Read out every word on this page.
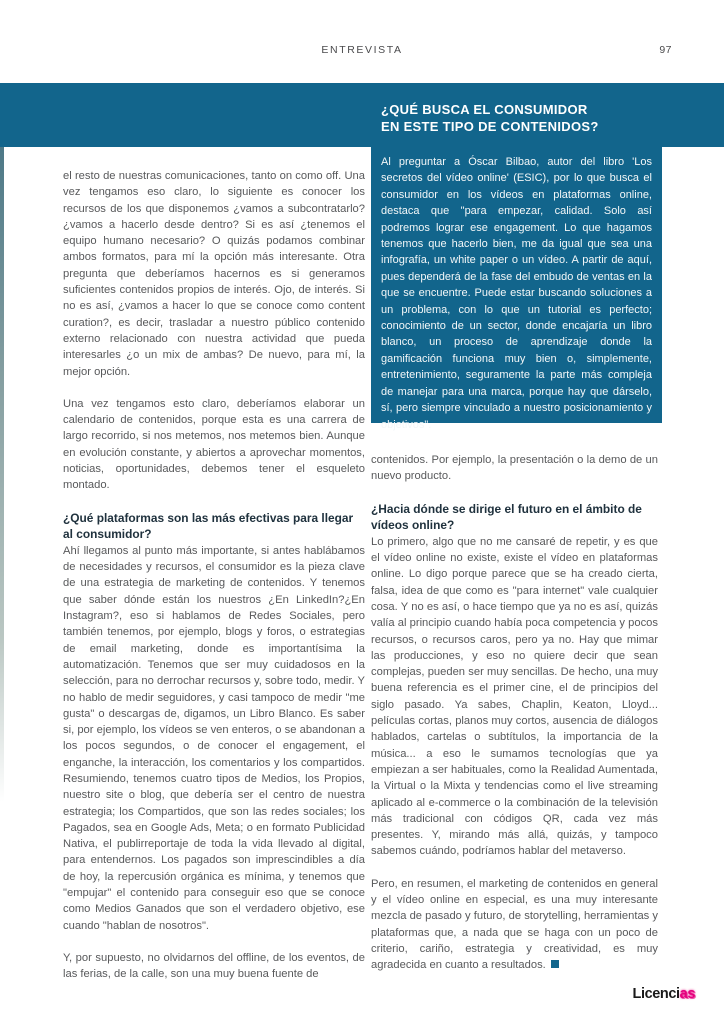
ENTREVISTA	97
¿QUÉ BUSCA EL CONSUMIDOR
EN ESTE TIPO DE CONTENIDOS?
Al preguntar a Óscar Bilbao, autor del libro 'Los secretos del vídeo online' (ESIC), por lo que busca el consumidor en los vídeos en plataformas online, destaca que "para empezar, calidad. Solo así podremos lograr ese engagement. Lo que hagamos tenemos que hacerlo bien, me da igual que sea una infografía, un white paper o un vídeo. A partir de aquí, pues dependerá de la fase del embudo de ventas en la que se encuentre. Puede estar buscando soluciones a un problema, con lo que un tutorial es perfecto; conocimiento de un sector, donde encajaría un libro blanco, un proceso de aprendizaje donde la gamificación funciona muy bien o, simplemente, entretenimiento, seguramente la parte más compleja de manejar para una marca, porque hay que dárselo, sí, pero siempre vinculado a nuestro posicionamiento y objetivos".

el resto de nuestras comunicaciones, tanto on como off. Una vez tengamos eso claro, lo siguiente es conocer los recursos de los que disponemos ¿vamos a subcontratarlo? ¿vamos a hacerlo desde dentro? Si es así ¿tenemos el equipo humano necesario? O quizás podamos combinar ambos formatos, para mí la opción más interesante. Otra pregunta que deberíamos hacernos es si generamos suficientes contenidos propios de interés. Ojo, de interés. Si no es así, ¿vamos a hacer lo que se conoce como content curation?, es decir, trasladar a nuestro público contenido externo relacionado con nuestra actividad que pueda interesarles ¿o un mix de ambas? De nuevo, para mí, la mejor opción.

Una vez tengamos esto claro, deberíamos elaborar un calendario de contenidos, porque esta es una carrera de largo recorrido, si nos metemos, nos metemos bien. Aunque en evolución constante, y abiertos a aprovechar momentos, noticias, oportunidades, debemos tener el esqueleto montado.

¿Qué plataformas son las más efectivas para llegar al consumidor?

Ahí llegamos al punto más importante, si antes hablábamos de necesidades y recursos, el consumidor es la pieza clave de una estrategia de marketing de contenidos. Y tenemos que saber dónde están los nuestros ¿En LinkedIn?¿En Instagram?, eso si hablamos de Redes Sociales, pero también tenemos, por ejemplo, blogs y foros, o estrategias de email marketing, donde es importantísima la automatización. Tenemos que ser muy cuidadosos en la selección, para no derrochar recursos y, sobre todo, medir. Y no hablo de medir seguidores, y casi tampoco de medir "me gusta" o descargas de, digamos, un Libro Blanco. Es saber si, por ejemplo, los vídeos se ven enteros, o se abandonan a los pocos segundos, o de conocer el engagement, el enganche, la interacción, los comentarios y los compartidos. Resumiendo, tenemos cuatro tipos de Medios, los Propios, nuestro site o blog, que debería ser el centro de nuestra estrategia; los Compartidos, que son las redes sociales; los Pagados, sea en Google Ads, Meta; o en formato Publicidad Nativa, el publirreportaje de toda la vida llevado al digital, para entendernos. Los pagados son imprescindibles a día de hoy, la repercusión orgánica es mínima, y tenemos que "empujar" el contenido para conseguir eso que se conoce como Medios Ganados que son el verdadero objetivo, ese cuando "hablan de nosotros".

Y, por supuesto, no olvidarnos del offline, de los eventos, de las ferias, de la calle, son una muy buena fuente de

contenidos. Por ejemplo, la presentación o la demo de un nuevo producto.

¿Hacia dónde se dirige el futuro en el ámbito de vídeos online?

Lo primero, algo que no me cansaré de repetir, y es que el vídeo online no existe, existe el vídeo en plataformas online. Lo digo porque parece que se ha creado cierta, falsa, idea de que como es "para internet" vale cualquier cosa. Y no es así, o hace tiempo que ya no es así, quizás valía al principio cuando había poca competencia y pocos recursos, o recursos caros, pero ya no. Hay que mimar las producciones, y eso no quiere decir que sean complejas, pueden ser muy sencillas. De hecho, una muy buena referencia es el primer cine, el de principios del siglo pasado. Ya sabes, Chaplin, Keaton, Lloyd... películas cortas, planos muy cortos, ausencia de diálogos hablados, cartelas o subtítulos, la importancia de la música... a eso le sumamos tecnologías que ya empiezan a ser habituales, como la Realidad Aumentada, la Virtual o la Mixta y tendencias como el live streaming aplicado al e-commerce o la combinación de la televisión más tradicional con códigos QR, cada vez más presentes. Y, mirando más allá, quizás, y tampoco sabemos cuándo, podríamos hablar del metaverso.

Pero, en resumen, el marketing de contenidos en general y el vídeo online en especial, es una muy interesante mezcla de pasado y futuro, de storytelling, herramientas y plataformas que, a nada que se haga con un poco de criterio, cariño, estrategia y creatividad, es muy agradecida en cuanto a resultados.

Licencias
